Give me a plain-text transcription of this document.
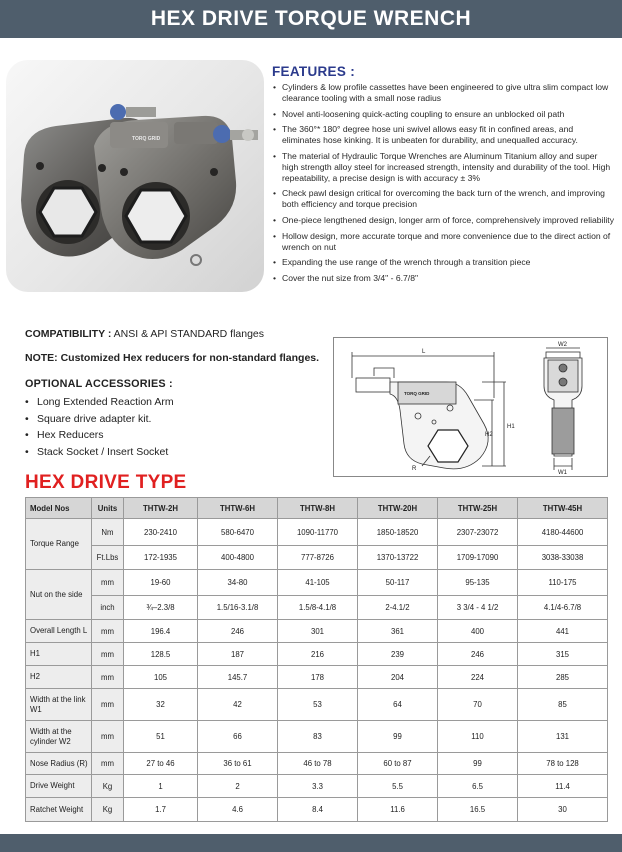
HEX DRIVE TORQUE WRENCH
TORQ GRID
FEATURES :
• Cylinders & low profile cassettes have been engineered to give ultra slim compact low clearance tooling with a small nose radius
• Novel anti-loosening quick-acting coupling to ensure an unblocked oil path
• The 360°* 180° degree hose uni swivel allows easy fit in confined areas, and eliminates hose kinking. It is unbeaten for durability, and unequalled accuracy.
• The material of Hydraulic Torque Wrenches are Aluminum Titanium alloy and super high strength alloy steel for increased strength, intensity and durability of the tool. High repeatability, a precise design is with accuracy ± 3%
• Check pawl design critical for overcoming the back turn of the wrench, and improving both efficiency and torque precision
• One-piece lengthened design, longer arm of force, comprehensively improved reliability
• Hollow design, more accurate torque and more convenience due to the direct action of wrench on nut
• Expanding the use range of the wrench through a transition piece
• Cover the nut size from 3/4" - 6.7/8"
COMPATIBILITY : ANSI & API STANDARD flanges
NOTE: Customized Hex reducers for non-standard flanges.
OPTIONAL ACCESSORIES :
• Long Extended Reaction Arm
• Square drive adapter kit.
• Hex Reducers
• Stack Socket / Insert Socket
L
W2
W1
H1
H2
R
TORQ GRID
HEX DRIVE TYPE
Model Nos	Units	THTW-2H	THTW-6H	THTW-8H	THTW-20H	THTW-25H	THTW-45H
Torque Range	Nm	230-2410	580-6470	1090-11770	1850-18520	2307-23072	4180-44600
	Ft.Lbs	172-1935	400-4800	777-8726	1370-13722	1709-17090	3038-33038
Nut on the side	mm	19-60	34-80	41-105	50-117	95-135	110-175
	inch	¾–2.3/8	1.5/16-3.1/8	1.5/8-4.1/8	2-4.1/2	3 3/4 - 4 1/2	4.1/4-6.7/8
Overall Length L	mm	196.4	246	301	361	400	441
H1	mm	128.5	187	216	239	246	315
H2	mm	105	145.7	178	204	224	285
Width at the link W1	mm	32	42	53	64	70	85
Width at the cylinder W2	mm	51	66	83	99	110	131
Nose Radius (R)	mm	27 to 46	36 to 61	46 to 78	60 to 87	99	78 to 128
Drive Weight	Kg	1	2	3.3	5.5	6.5	11.4
Ratchet Weight	Kg	1.7	4.6	8.4	11.6	16.5	30
